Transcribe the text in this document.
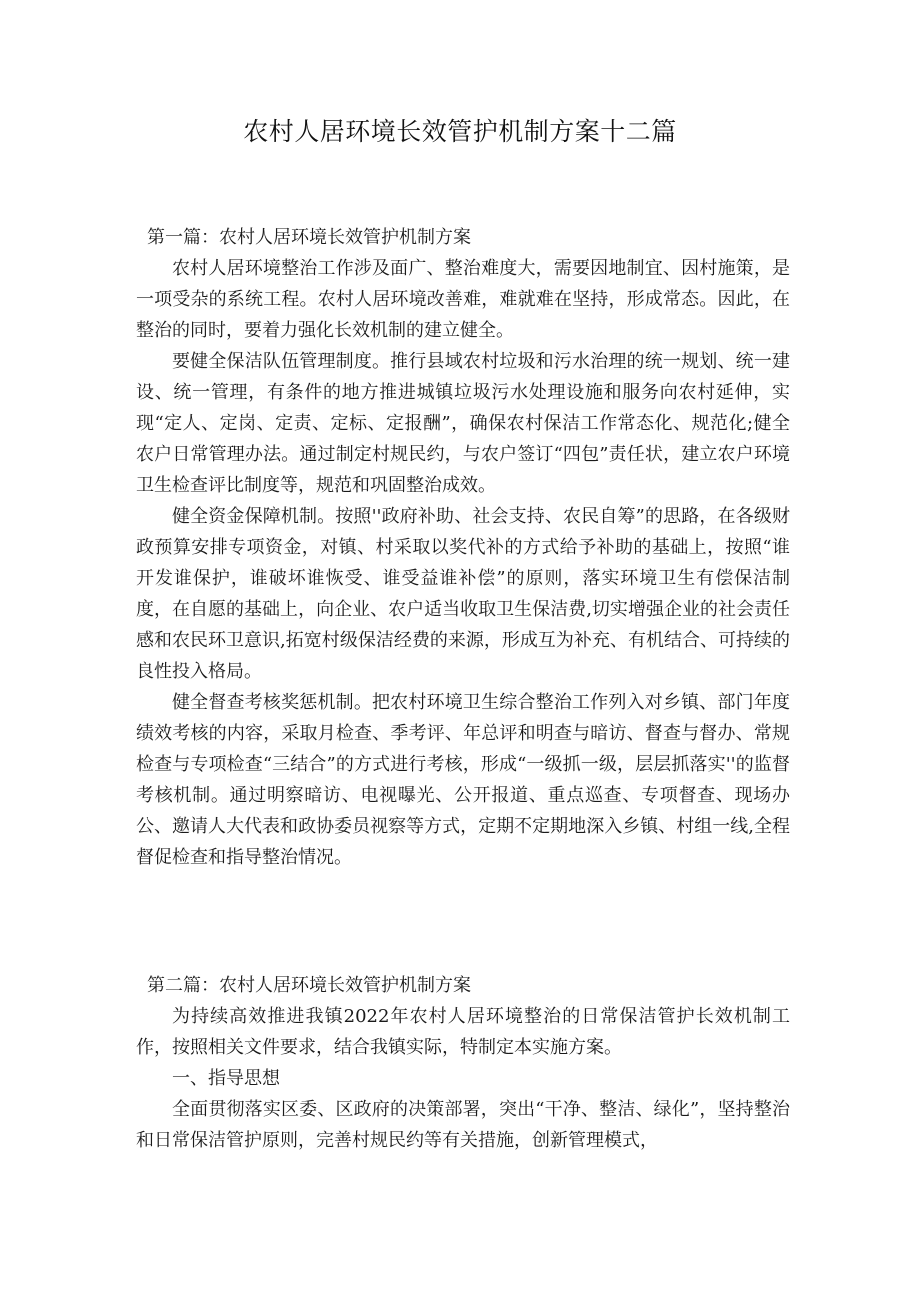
农村人居环境长效管护机制方案十二篇

第一篇：农村人居环境长效管护机制方案

农村人居环境整治工作涉及面广、整治难度大，需要因地制宜、因村施策，是一项受杂的系统工程。农村人居环境改善难，难就难在坚持，形成常态。因此，在整治的同时，要着力强化长效机制的建立健全。

要健全保洁队伍管理制度。推行县域农村垃圾和污水治理的统一规划、统一建设、统一管理，有条件的地方推进城镇垃圾污水处理设施和服务向农村延伸，实现“定人、定岗、定责、定标、定报酬”，确保农村保洁工作常态化、规范化;健全农户日常管理办法。通过制定村规民约，与农户签订“四包”责任状，建立农户环境卫生检查评比制度等，规范和巩固整治成效。

健全资金保障机制。按照''政府补助、社会支持、农民自筹”的思路，在各级财政预算安排专项资金，对镇、村采取以奖代补的方式给予补助的基础上，按照“谁开发谁保护，谁破坏谁恢受、谁受益谁补偿”的原则，落实环境卫生有偿保洁制度，在自愿的基础上，向企业、农户适当收取卫生保洁费,切实增强企业的社会责任感和农民环卫意识,拓宽村级保洁经费的来源，形成互为补充、有机结合、可持续的良性投入格局。

健全督查考核奖惩机制。把农村环境卫生综合整治工作列入对乡镇、部门年度绩效考核的内容，采取月检查、季考评、年总评和明查与暗访、督查与督办、常规检查与专项检查“三结合”的方式进行考核，形成“一级抓一级，层层抓落实''的监督考核机制。通过明察暗访、电视曝光、公开报道、重点巡查、专项督查、现场办公、邀请人大代表和政协委员视察等方式，定期不定期地深入乡镇、村组一线,全程督促检查和指导整治情况。

第二篇：农村人居环境长效管护机制方案

为持续高效推进我镇2022年农村人居环境整治的日常保洁管护长效机制工作，按照相关文件要求，结合我镇实际，特制定本实施方案。

一、指导思想

全面贯彻落实区委、区政府的决策部署，突出“干净、整洁、绿化”，坚持整治和日常保洁管护原则，完善村规民约等有关措施，创新管理模式，
